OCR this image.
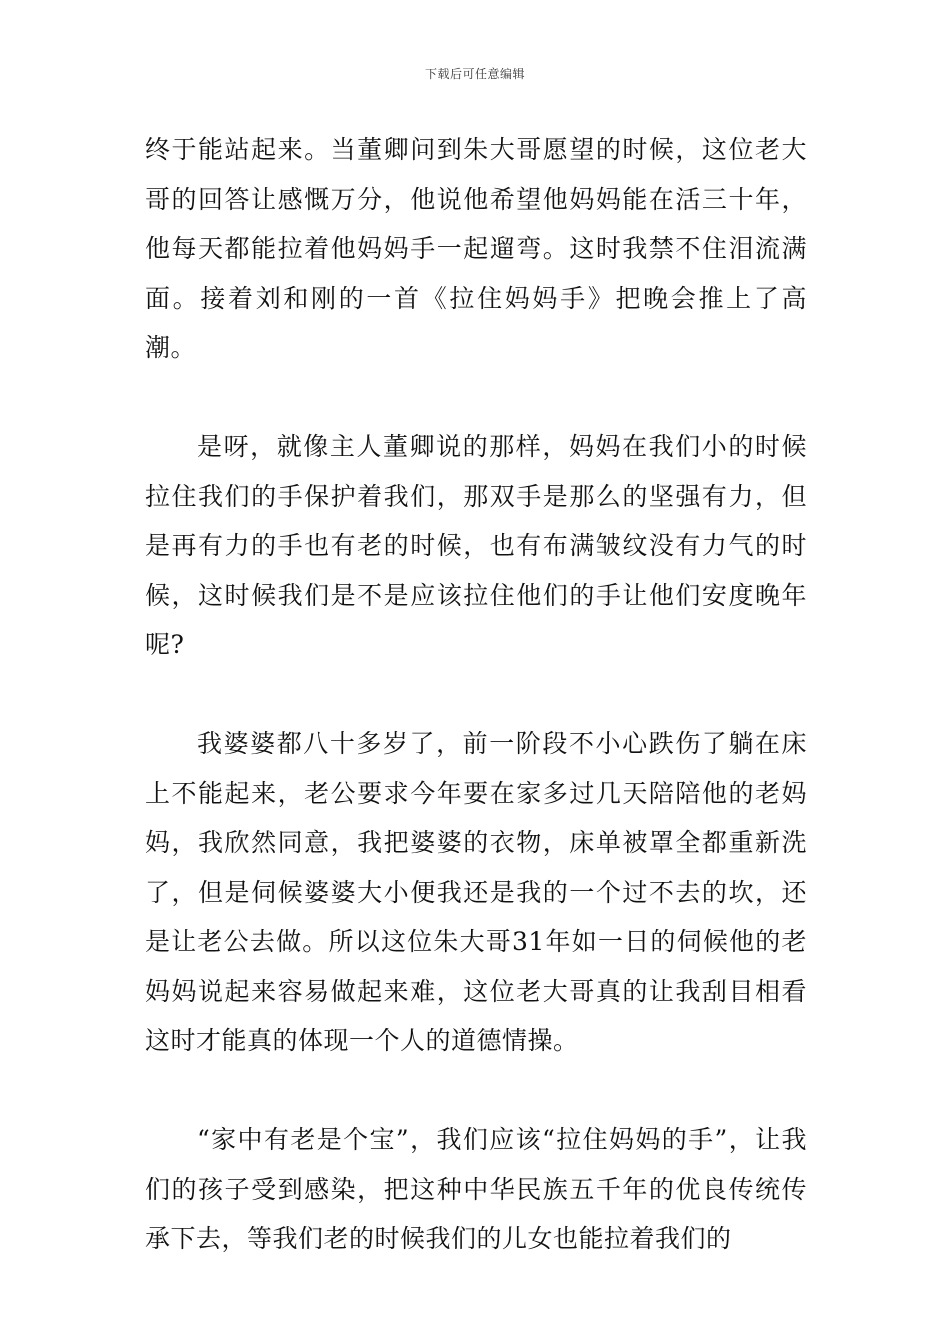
下载后可任意编辑

终于能站起来。当董卿问到朱大哥愿望的时候，这位老大哥的回答让感慨万分，他说他希望他妈妈能在活三十年，他每天都能拉着他妈妈手一起遛弯。这时我禁不住泪流满面。接着刘和刚的一首《拉住妈妈手》把晚会推上了高潮。

是呀，就像主人董卿说的那样，妈妈在我们小的时候拉住我们的手保护着我们，那双手是那么的坚强有力，但是再有力的手也有老的时候，也有布满皱纹没有力气的时候，这时候我们是不是应该拉住他们的手让他们安度晚年呢?

我婆婆都八十多岁了，前一阶段不小心跌伤了躺在床上不能起来，老公要求今年要在家多过几天陪陪他的老妈妈，我欣然同意，我把婆婆的衣物，床单被罩全都重新洗了，但是伺候婆婆大小便我还是我的一个过不去的坎，还是让老公去做。所以这位朱大哥31年如一日的伺候他的老妈妈说起来容易做起来难，这位老大哥真的让我刮目相看这时才能真的体现一个人的道德情操。

“家中有老是个宝”，我们应该“拉住妈妈的手”，让我们的孩子受到感染，把这种中华民族五千年的优良传统传承下去，等我们老的时候我们的儿女也能拉着我们的
